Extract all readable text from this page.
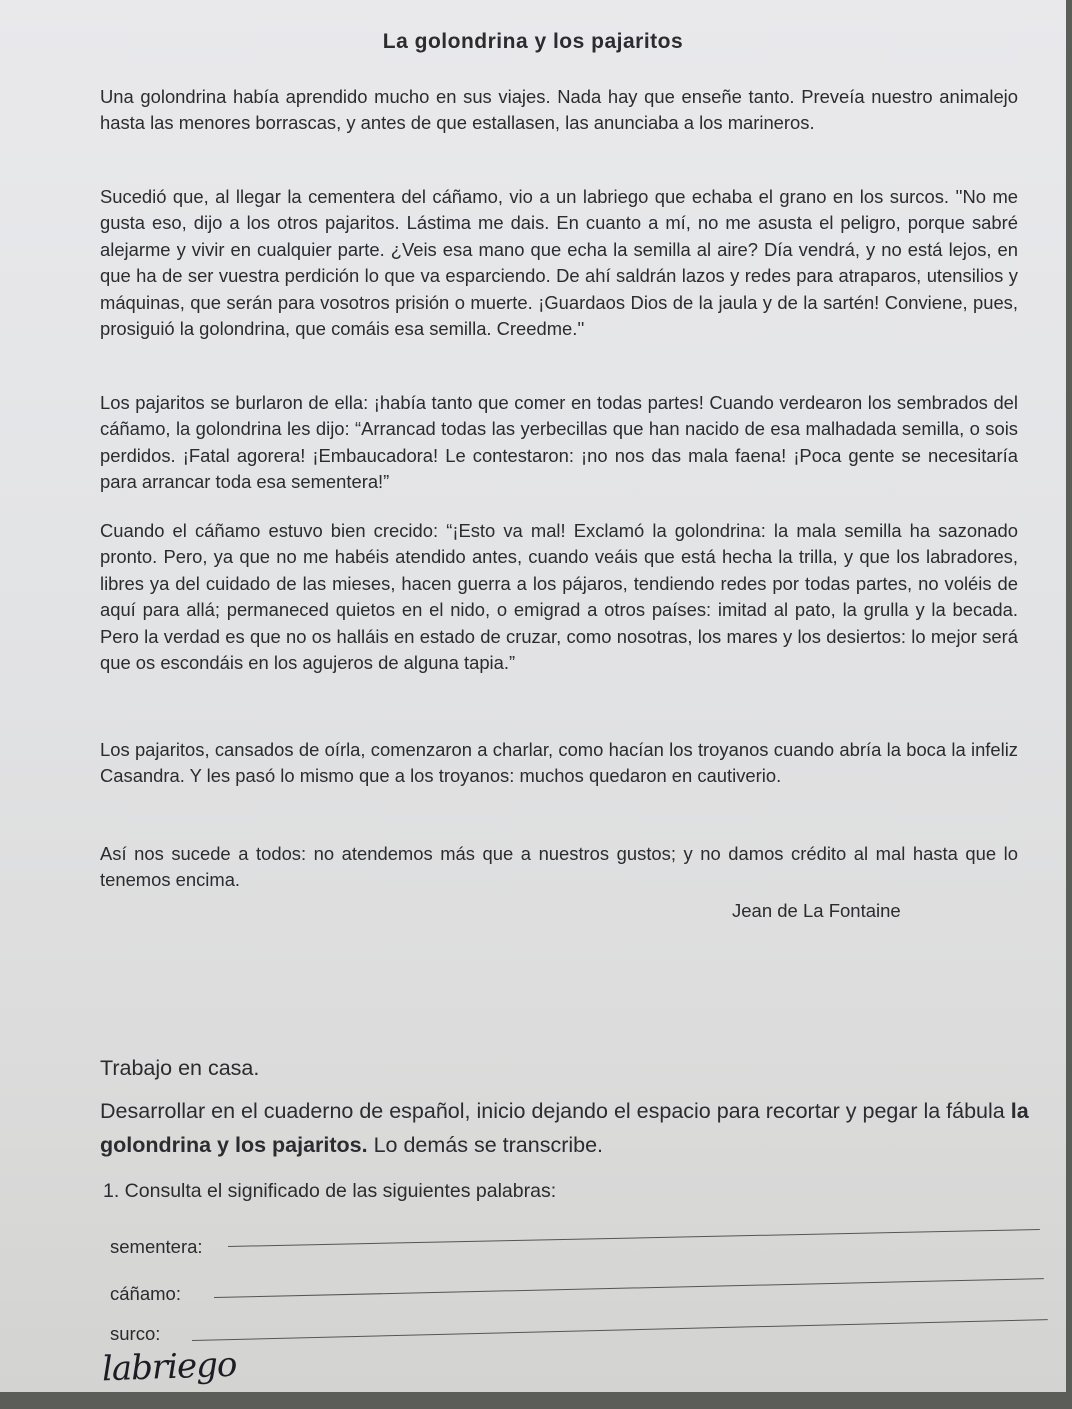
La golondrina y los pajaritos

Una golondrina había aprendido mucho en sus viajes. Nada hay que enseñe tanto. Preveía nuestro animalejo hasta las menores borrascas, y antes de que estallasen, las anunciaba a los marineros.

Sucedió que, al llegar la cementera del cáñamo, vio a un labriego que echaba el grano en los surcos. ''No me gusta eso, dijo a los otros pajaritos. Lástima me dais. En cuanto a mí, no me asusta el peligro, porque sabré alejarme y vivir en cualquier parte. ¿Veis esa mano que echa la semilla al aire? Día vendrá, y no está lejos, en que ha de ser vuestra perdición lo que va esparciendo. De ahí saldrán lazos y redes para atraparos, utensilios y máquinas, que serán para vosotros prisión o muerte. ¡Guardaos Dios de la jaula y de la sartén! Conviene, pues, prosiguió la golondrina, que comáis esa semilla. Creedme.''

Los pajaritos se burlaron de ella: ¡había tanto que comer en todas partes! Cuando verdearon los sembrados del cáñamo, la golondrina les dijo: “Arrancad todas las yerbecillas que han nacido de esa malhadada semilla, o sois perdidos. ¡Fatal agorera! ¡Embaucadora! Le contestaron: ¡no nos das mala faena! ¡Poca gente se necesitaría para arrancar toda esa sementera!”

Cuando el cáñamo estuvo bien crecido: “¡Esto va mal! Exclamó la golondrina: la mala semilla ha sazonado pronto. Pero, ya que no me habéis atendido antes, cuando veáis que está hecha la trilla, y que los labradores, libres ya del cuidado de las mieses, hacen guerra a los pájaros, tendiendo redes por todas partes, no voléis de aquí para allá; permaneced quietos en el nido, o emigrad a otros países: imitad al pato, la grulla y la becada. Pero la verdad es que no os halláis en estado de cruzar, como nosotras, los mares y los desiertos: lo mejor será que os escondáis en los agujeros de alguna tapia.”

Los pajaritos, cansados de oírla, comenzaron a charlar, como hacían los troyanos cuando abría la boca la infeliz Casandra. Y les pasó lo mismo que a los troyanos: muchos quedaron en cautiverio.

Así nos sucede a todos: no atendemos más que a nuestros gustos; y no damos crédito al mal hasta que lo tenemos encima.

Jean de La Fontaine
Trabajo en casa.

Desarrollar en el cuaderno de español, inicio dejando el espacio para recortar y pegar la fábula la golondrina y los pajaritos. Lo demás se transcribe.

1. Consulta el significado de las siguientes palabras:
sementera:
cáñamo:
surco:
labriego
